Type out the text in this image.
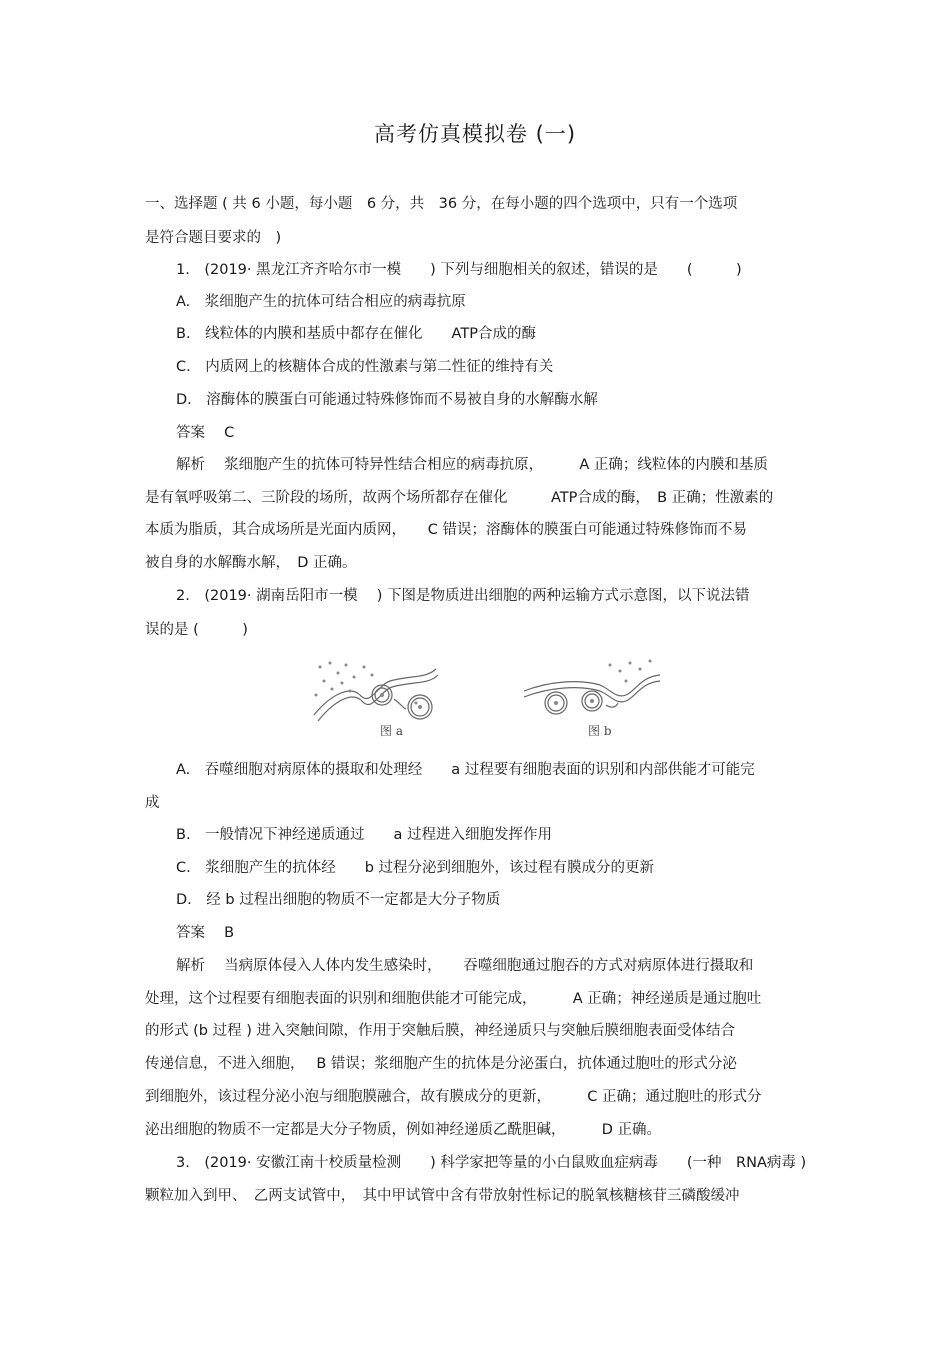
高考仿真模拟卷 (一)
一、选择题 ( 共 6 小题，每小题　6 分，共　36 分，在每小题的四个选项中，只有一个选项
是符合题目要求的　)
1.　(2019· 黑龙江齐齐哈尔市一模　　) 下列与细胞相关的叙述，错误的是　　(　　　)
A.　浆细胞产生的抗体可结合相应的病毒抗原
B.　线粒体的内膜和基质中都存在催化　　ATP合成的酶
C.　内质网上的核糖体合成的性激素与第二性征的维持有关
D.　溶酶体的膜蛋白可能通过特殊修饰而不易被自身的水解酶水解
答案　 C
解析　 浆细胞产生的抗体可特异性结合相应的病毒抗原，　　　A 正确；线粒体的内膜和基质
是有氧呼吸第二、三阶段的场所，故两个场所都存在催化　　　ATP合成的酶，　B 正确；性激素的
本质为脂质，其合成场所是光面内质网，　　C 错误；溶酶体的膜蛋白可能通过特殊修饰而不易
被自身的水解酶水解，　D 正确。
2.　(2019· 湖南岳阳市一模　 ) 下图是物质进出细胞的两种运输方式示意图，以下说法错
误的是 (　　　)
图 a	图 b
A.　吞噬细胞对病原体的摄取和处理经　　a 过程要有细胞表面的识别和内部供能才可能完
成
B.　一般情况下神经递质通过　　a 过程进入细胞发挥作用
C.　浆细胞产生的抗体经　　b 过程分泌到细胞外，该过程有膜成分的更新
D.　经 b 过程出细胞的物质不一定都是大分子物质
答案　 B
解析　 当病原体侵入人体内发生感染时，　　吞噬细胞通过胞吞的方式对病原体进行摄取和
处理，这个过程要有细胞表面的识别和细胞供能才可能完成，　　　A 正确；神经递质是通过胞吐
的形式 (b 过程 ) 进入突触间隙，作用于突触后膜，神经递质只与突触后膜细胞表面受体结合
传递信息，不进入细胞，　 B 错误；浆细胞产生的抗体是分泌蛋白，抗体通过胞吐的形式分泌
到细胞外，该过程分泌小泡与细胞膜融合，故有膜成分的更新，　　　C 正确；通过胞吐的形式分
泌出细胞的物质不一定都是大分子物质，例如神经递质乙酰胆碱，　　　D 正确。
3.　(2019· 安徽江南十校质量检测　　) 科学家把等量的小白鼠败血症病毒　　(一种　RNA病毒 )
颗粒加入到甲、　乙两支试管中，　其中甲试管中含有带放射性标记的脱氧核糖核苷三磷酸缓冲
